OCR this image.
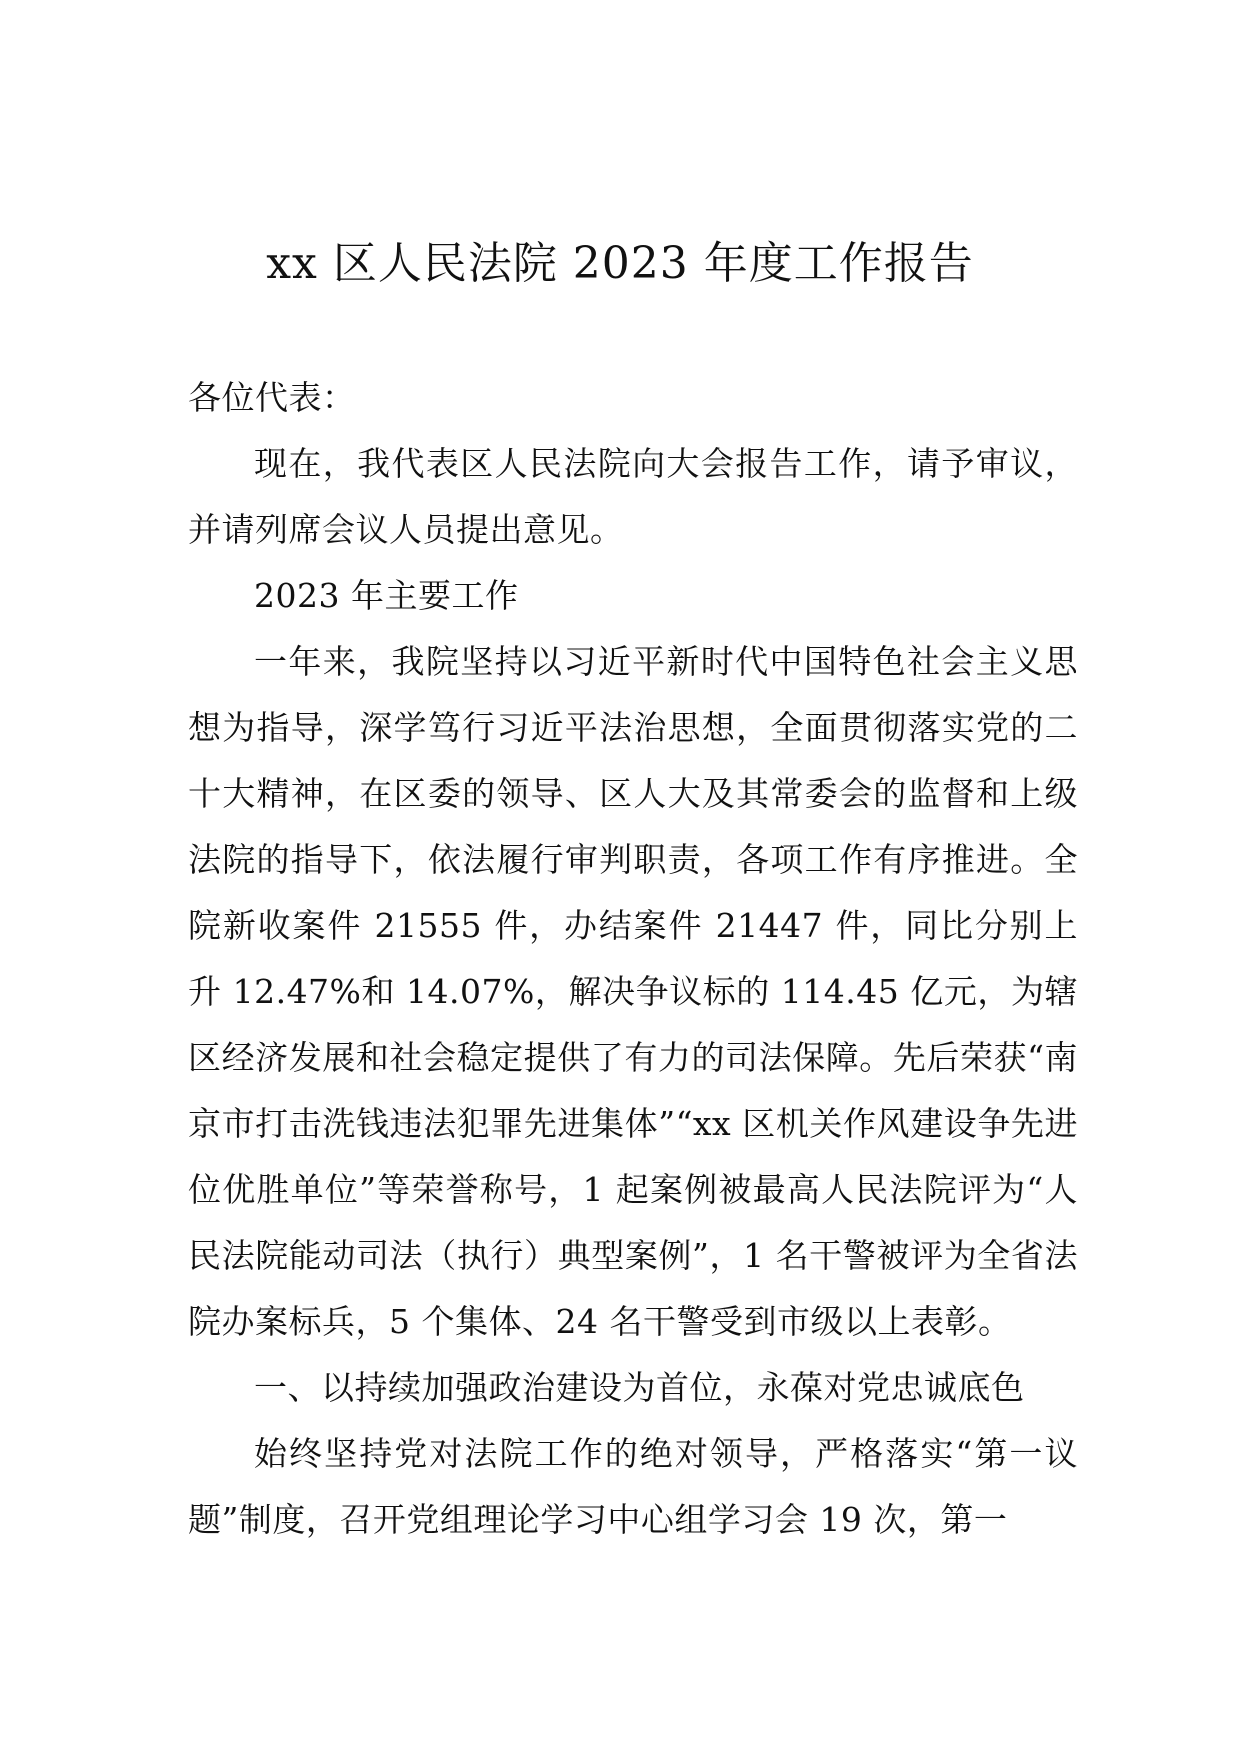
xx 区人民法院 2023 年度工作报告

各位代表：

现在，我代表区人民法院向大会报告工作，请予审议，并请列席会议人员提出意见。

2023 年主要工作

一年来，我院坚持以习近平新时代中国特色社会主义思想为指导，深学笃行习近平法治思想，全面贯彻落实党的二十大精神，在区委的领导、区人大及其常委会的监督和上级法院的指导下，依法履行审判职责，各项工作有序推进。全院新收案件 21555 件，办结案件 21447 件，同比分别上升 12.47%和 14.07%，解决争议标的 114.45 亿元，为辖区经济发展和社会稳定提供了有力的司法保障。先后荣获“南京市打击洗钱违法犯罪先进集体”“xx 区机关作风建设争先进位优胜单位”等荣誉称号，1 起案例被最高人民法院评为“人民法院能动司法（执行）典型案例”，1 名干警被评为全省法院办案标兵，5 个集体、24 名干警受到市级以上表彰。

一、以持续加强政治建设为首位，永葆对党忠诚底色

始终坚持党对法院工作的绝对领导，严格落实“第一议题”制度，召开党组理论学习中心组学习会 19 次，第一
